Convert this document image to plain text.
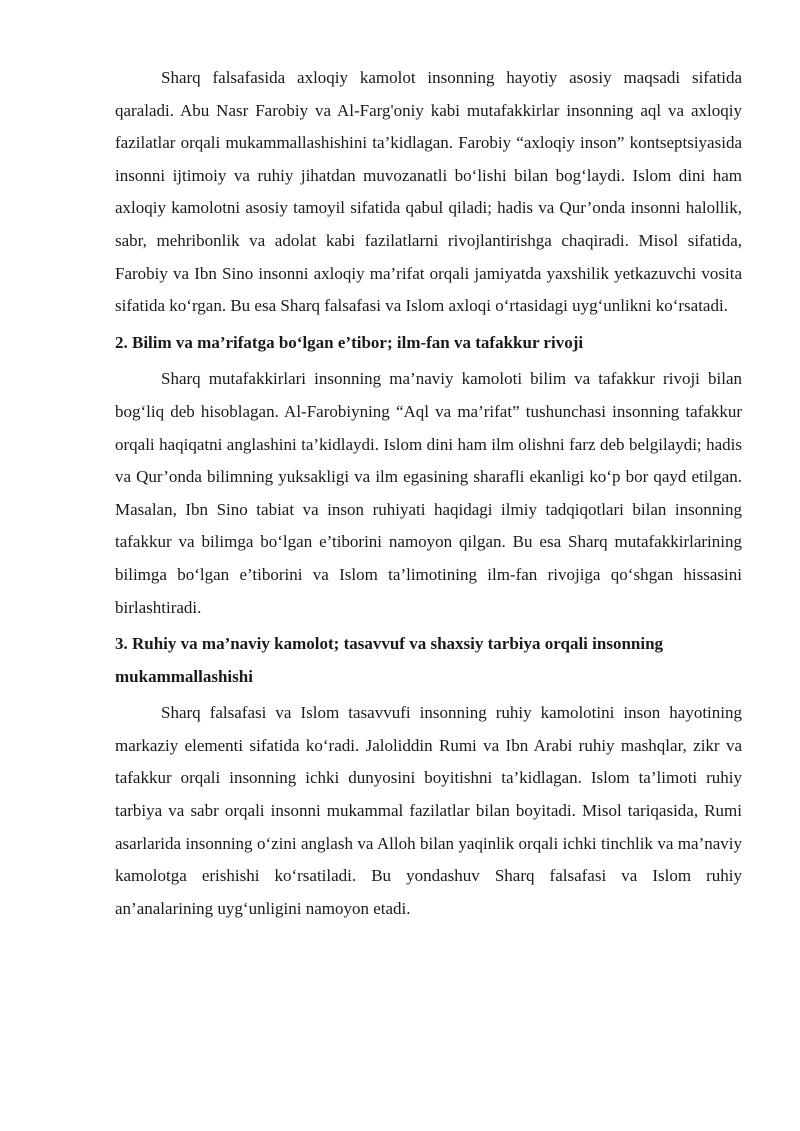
Sharq falsafasida axloqiy kamolot insonning hayotiy asosiy maqsadi sifatida qaraladi. Abu Nasr Farobiy va Al-Farg'oniy kabi mutafakkirlar insonning aql va axloqiy fazilatlar orqali mukammallashishini ta’kidlagan. Farobiy “axloqiy inson” kontseptsiyasida insonni ijtimoiy va ruhiy jihatdan muvozanatli bo‘lishi bilan bog‘laydi. Islom dini ham axloqiy kamolotni asosiy tamoyil sifatida qabul qiladi; hadis va Qur’onda insonni halollik, sabr, mehribonlik va adolat kabi fazilatlarni rivojlantirishga chaqiradi. Misol sifatida, Farobiy va Ibn Sino insonni axloqiy ma’rifat orqali jamiyatda yaxshilik yetkazuvchi vosita sifatida ko‘rgan. Bu esa Sharq falsafasi va Islom axloqi o‘rtasidagi uyg‘unlikni ko‘rsatadi.

2. Bilim va ma’rifatga bo‘lgan e’tibor; ilm-fan va tafakkur rivoji

Sharq mutafakkirlari insonning ma’naviy kamoloti bilim va tafakkur rivoji bilan bog‘liq deb hisoblagan. Al-Farobiyning “Aql va ma’rifat” tushunchasi insonning tafakkur orqali haqiqatni anglashini ta’kidlaydi. Islom dini ham ilm olishni farz deb belgilaydi; hadis va Qur’onda bilimning yuksakligi va ilm egasining sharafli ekanligi ko‘p bor qayd etilgan. Masalan, Ibn Sino tabiat va inson ruhiyati haqidagi ilmiy tadqiqotlari bilan insonning tafakkur va bilimga bo‘lgan e’tiborini namoyon qilgan. Bu esa Sharq mutafakkirlarining bilimga bo‘lgan e’tiborini va Islom ta’limotining ilm-fan rivojiga qo‘shgan hissasini birlashtiradi.

3. Ruhiy va ma’naviy kamolot; tasavvuf va shaxsiy tarbiya orqali insonning mukammallashishi

Sharq falsafasi va Islom tasavvufi insonning ruhiy kamolotini inson hayotining markaziy elementi sifatida ko‘radi. Jaloliddin Rumi va Ibn Arabi ruhiy mashqlar, zikr va tafakkur orqali insonning ichki dunyosini boyitishni ta’kidlagan. Islom ta’limoti ruhiy tarbiya va sabr orqali insonni mukammal fazilatlar bilan boyitadi. Misol tariqasida, Rumi asarlarida insonning o‘zini anglash va Alloh bilan yaqinlik orqali ichki tinchlik va ma’naviy kamolotga erishishi ko‘rsatiladi. Bu yondashuv Sharq falsafasi va Islom ruhiy an’analarining uyg‘unligini namoyon etadi.
